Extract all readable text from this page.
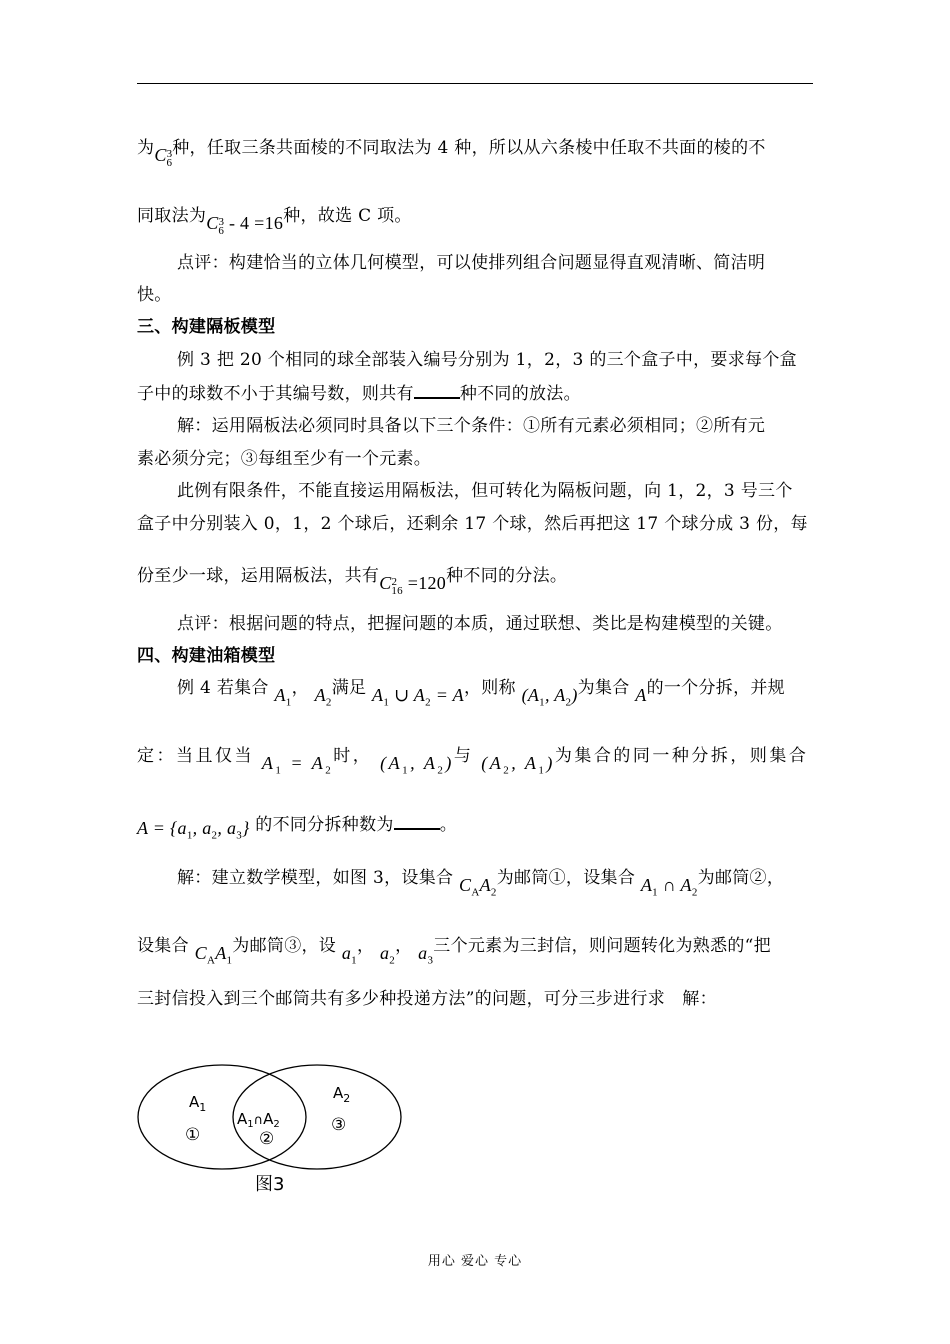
为$C^3_6$种，任取三条共面棱的不同取法为 4 种，所以从六条棱中任取不共面的棱的不
同取法为$C^3_6 - 4 =16$种，故选 C 项。
点评：构建恰当的立体几何模型，可以使排列组合问题显得直观清晰、简洁明
快。
三、构建隔板模型
例 3 把 20 个相同的球全部装入编号分别为 1，2，3 的三个盒子中，要求每个盒
子中的球数不小于其编号数，则共有	种不同的放法。
解：运用隔板法必须同时具备以下三个条件：①所有元素必须相同；②所有元
素必须分完；③每组至少有一个元素。
此例有限条件，不能直接运用隔板法，但可转化为隔板问题，向 1，2，3 号三个
盒子中分别装入 0，1，2 个球后，还剩余 17 个球，然后再把这 17 个球分成 3 份，每
份至少一球，运用隔板法，共有$C^2_{16} =120$种不同的分法。
点评：根据问题的特点，把握问题的本质，通过联想、类比是构建模型的关键。
四、构建油箱模型
例 4 若集合 $A_1$， $A_2$满足 $A_1$ ∪ $A_2 = A$，则称 ($A_1$, $A_2$)为集合 A的一个分拆，并规
定：当且仅当 $A_1 = A_2$时， ($A_1$, $A_2$)与 ($A_2$, $A_1$)为集合的同一种分拆，则集合
$A = \{a_1$, $a_2$, $a_3$} 的不同分拆种数为	。
解：建立数学模型，如图 3，设集合 $C_AA_2$为邮筒①，设集合 $A_1$ ∩ $A_2$为邮筒②，
设集合 $C_AA_1$为邮筒③，设 $a_1$， $a_2$， $a_3$三个元素为三封信，则问题转化为熟悉的“把
三封信投入到三个邮筒共有多少种投递方法”的问题，可分三步进行求　解：
$A_1$
$A_2$
$A_1\cap A_2$
①	②
③
图3
用心 爱心 专心
